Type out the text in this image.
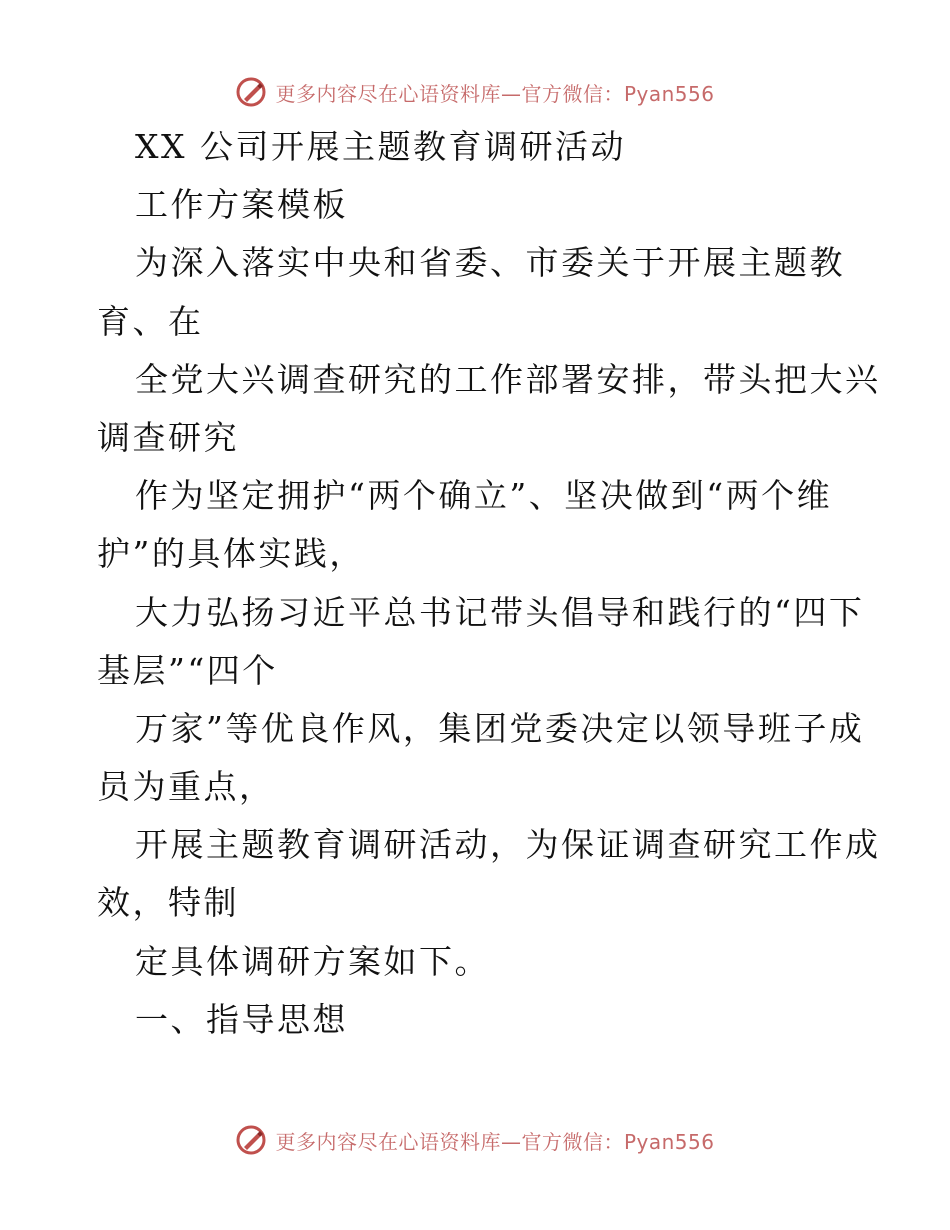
更多内容尽在心语资料库—官方微信：Pyan556
XX 公司开展主题教育调研活动
工作方案模板
为深入落实中央和省委、市委关于开展主题教
育、在
全党大兴调查研究的工作部署安排，带头把大兴
调查研究
作为坚定拥护“两个确立”、坚决做到“两个维
护”的具体实践，
大力弘扬习近平总书记带头倡导和践行的“四下
基层”“四个
万家”等优良作风，集团党委决定以领导班子成
员为重点，
开展主题教育调研活动，为保证调查研究工作成
效，特制
定具体调研方案如下。
一、指导思想
更多内容尽在心语资料库—官方微信：Pyan556
